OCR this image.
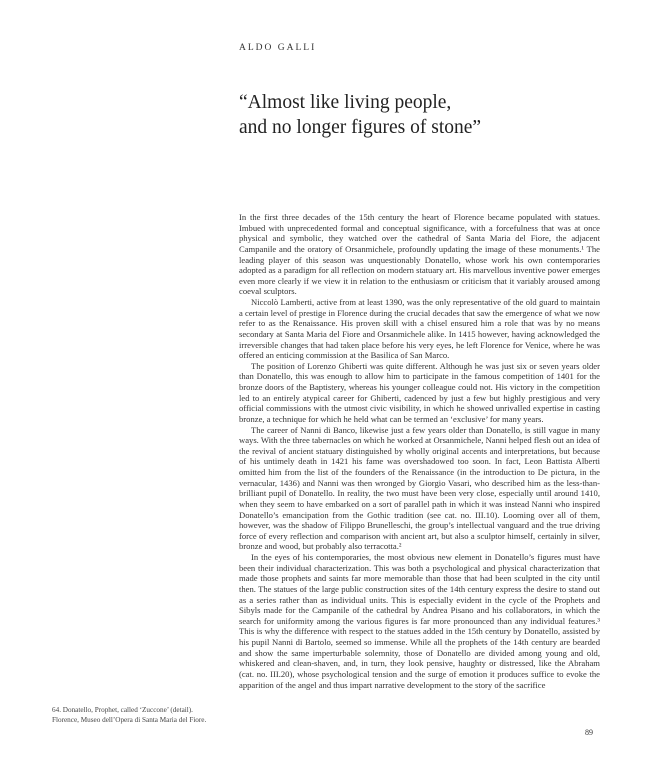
ALDO GALLI
“Almost like living people,
and no longer figures of stone”

In the first three decades of the 15th century the heart of Florence became populated with statues. Imbued with unprecedented formal and conceptual significance, with a forcefulness that was at once physical and symbolic, they watched over the cathedral of Santa Maria del Fiore, the adjacent Campanile and the oratory of Orsanmichele, profoundly updating the image of these monuments.¹ The leading player of this season was unquestionably Donatello, whose work his own contemporaries adopted as a paradigm for all reflection on modern statuary art. His marvellous inventive power emerges even more clearly if we view it in relation to the enthusiasm or criticism that it variably aroused among coeval sculptors.

Niccolò Lamberti, active from at least 1390, was the only representative of the old guard to maintain a certain level of prestige in Florence during the crucial decades that saw the emergence of what we now refer to as the Renaissance. His proven skill with a chisel ensured him a role that was by no means secondary at Santa Maria del Fiore and Orsanmichele alike. In 1415 however, having acknowledged the irreversible changes that had taken place before his very eyes, he left Florence for Venice, where he was offered an enticing commission at the Basilica of San Marco.

The position of Lorenzo Ghiberti was quite different. Although he was just six or seven years older than Donatello, this was enough to allow him to participate in the famous competition of 1401 for the bronze doors of the Baptistery, whereas his younger colleague could not. His victory in the competition led to an entirely atypical career for Ghiberti, cadenced by just a few but highly prestigious and very official commissions with the utmost civic visibility, in which he showed unrivalled expertise in casting bronze, a technique for which he held what can be termed an ‘exclusive’ for many years.

The career of Nanni di Banco, likewise just a few years older than Donatello, is still vague in many ways. With the three tabernacles on which he worked at Orsanmichele, Nanni helped flesh out an idea of the revival of ancient statuary distinguished by wholly original accents and interpretations, but because of his untimely death in 1421 his fame was overshadowed too soon. In fact, Leon Battista Alberti omitted him from the list of the founders of the Renaissance (in the introduction to De pictura, in the vernacular, 1436) and Nanni was then wronged by Giorgio Vasari, who described him as the less-than-brilliant pupil of Donatello. In reality, the two must have been very close, especially until around 1410, when they seem to have embarked on a sort of parallel path in which it was instead Nanni who inspired Donatello’s emancipation from the Gothic tradition (see cat. no. III.10). Looming over all of them, however, was the shadow of Filippo Brunelleschi, the group’s intellectual vanguard and the true driving force of every reflection and comparison with ancient art, but also a sculptor himself, certainly in silver, bronze and wood, but probably also terracotta.²

In the eyes of his contemporaries, the most obvious new element in Donatello’s figures must have been their individual characterization. This was both a psychological and physical characterization that made those prophets and saints far more memorable than those that had been sculpted in the city until then. The statues of the large public construction sites of the 14th century express the desire to stand out as a series rather than as individual units. This is especially evident in the cycle of the Prophets and Sibyls made for the Campanile of the cathedral by Andrea Pisano and his collaborators, in which the search for uniformity among the various figures is far more pronounced than any individual features.³ This is why the difference with respect to the statues added in the 15th century by Donatello, assisted by his pupil Nanni di Bartolo, seemed so immense. While all the prophets of the 14th century are bearded and show the same imperturbable solemnity, those of Donatello are divided among young and old, whiskered and clean-shaven, and, in turn, they look pensive, haughty or distressed, like the Abraham (cat. no. III.20), whose psychological tension and the surge of emotion it produces suffice to evoke the apparition of the angel and thus impart narrative development to the story of the sacrifice

64. Donatello, Prophet, called ‘Zuccone’ (detail). Florence, Museo dell’Opera di Santa Maria del Fiore.
89
